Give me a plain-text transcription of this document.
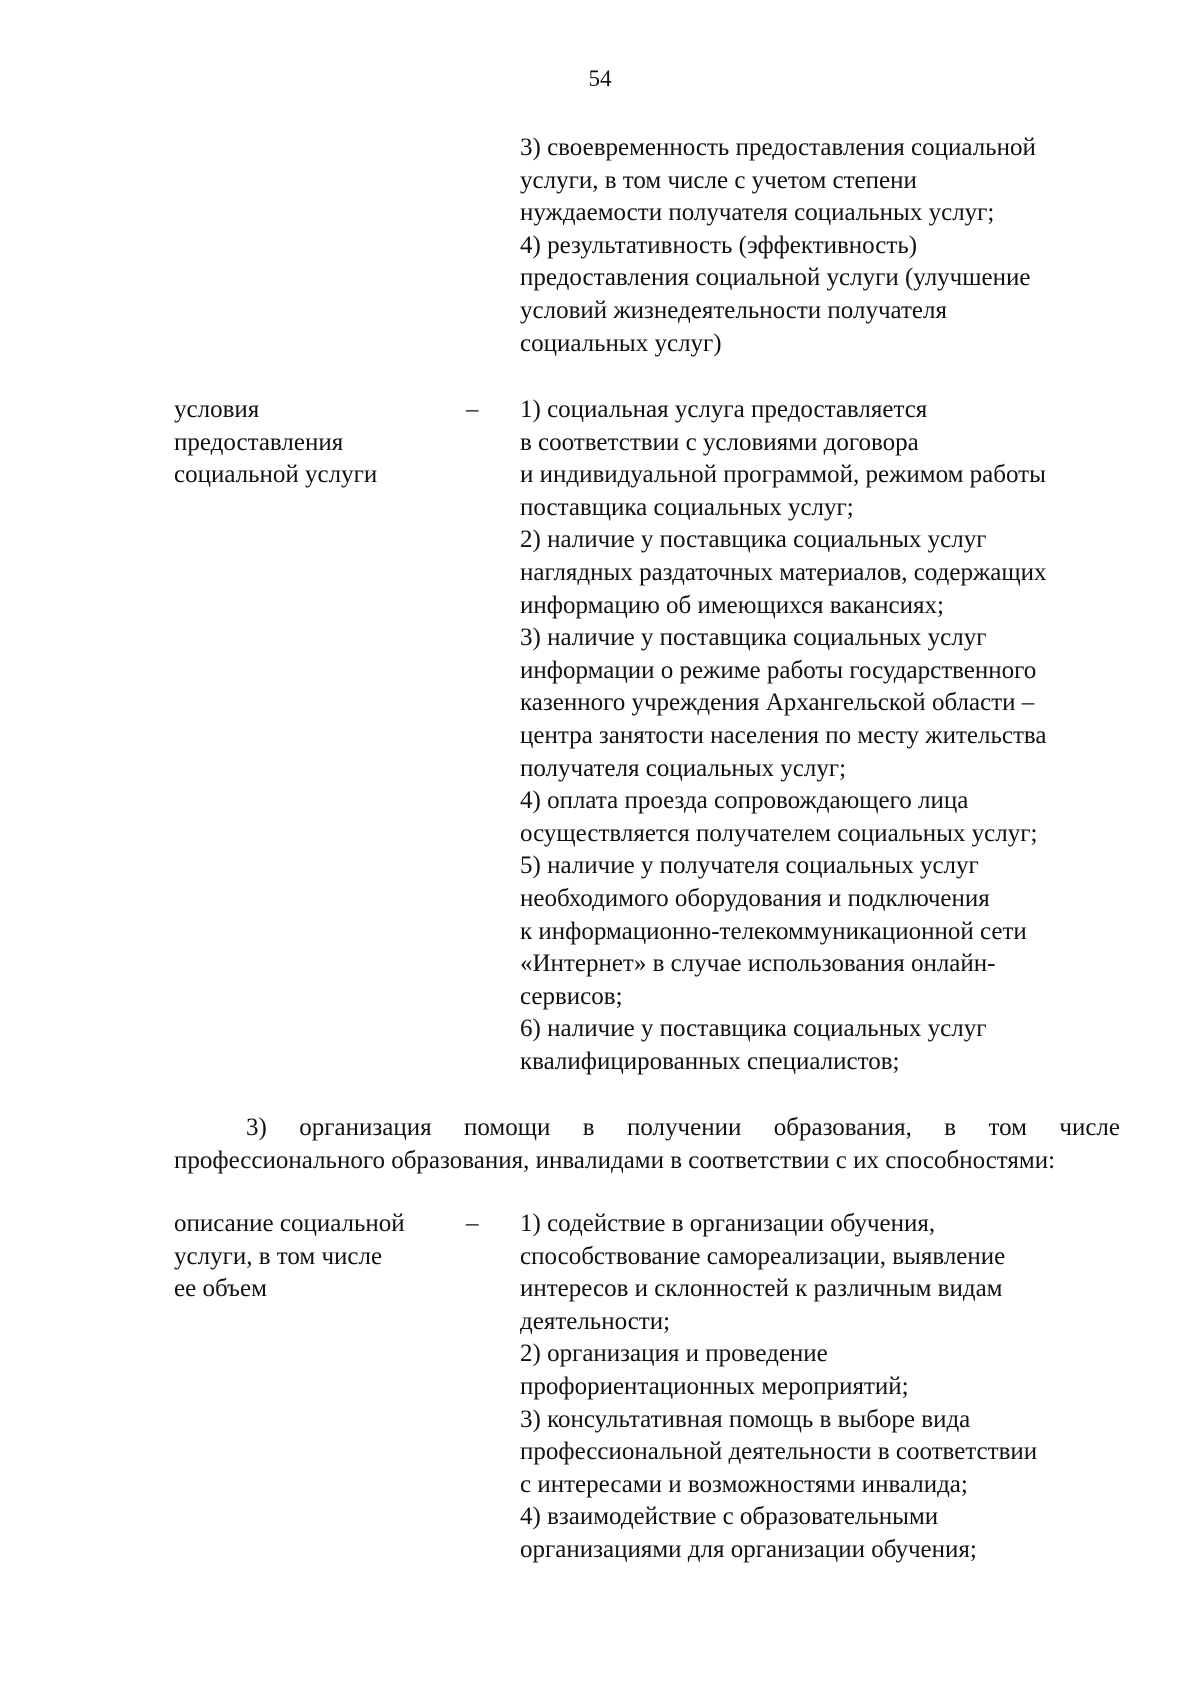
54
3) своевременность предоставления социальной
услуги, в том числе с учетом степени
нуждаемости получателя социальных услуг;
4) результативность (эффективность)
предоставления социальной услуги (улучшение
условий жизнедеятельности получателя
социальных услуг)
условия
предоставления
социальной услуги
– 1) социальная услуга предоставляется
в соответствии с условиями договора
и индивидуальной программой, режимом работы
поставщика социальных услуг;
2) наличие у поставщика социальных услуг
наглядных раздаточных материалов, содержащих
информацию об имеющихся вакансиях;
3) наличие у поставщика социальных услуг
информации о режиме работы государственного
казенного учреждения Архангельской области –
центра занятости населения по месту жительства
получателя социальных услуг;
4) оплата проезда сопровождающего лица
осуществляется получателем социальных услуг;
5) наличие у получателя социальных услуг
необходимого оборудования и подключения
к информационно-телекоммуникационной сети
«Интернет» в случае использования онлайн-
сервисов;
6) наличие у поставщика социальных услуг
квалифицированных специалистов;
3) организация помощи в получении образования, в том числе
профессионального образования, инвалидами в соответствии с их способностями:
описание социальной
услуги, в том числе
ее объем
– 1) содействие в организации обучения,
способствование самореализации, выявление
интересов и склонностей к различным видам
деятельности;
2) организация и проведение
профориентационных мероприятий;
3) консультативная помощь в выборе вида
профессиональной деятельности в соответствии
с интересами и возможностями инвалида;
4) взаимодействие с образовательными
организациями для организации обучения;
